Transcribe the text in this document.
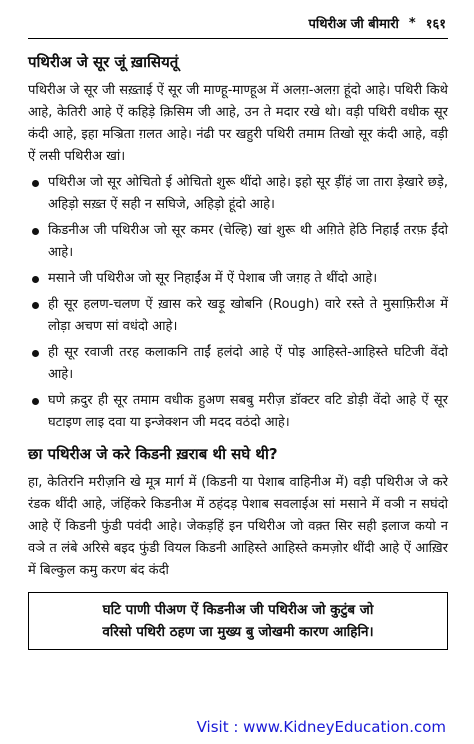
पथिरीअ जी बीमारी * १६१
पथिरीअ जे सूर जूं ख़ासियतूं

पथिरीअ जे सूर जी सख़्ताई ऐं सूर जी माण्हू-माण्हूअ में अलग़-अलग़ हूंदो आहे। पथिरी किथे आहे, केतिरी आहे ऐं कहिड़े क़िसिम जी आहे, उन ते मदार रखे थो। वड़ी पथिरी वधीक सूर कंदी आहे, इहा मञ्रिता ग़लत आहे। नंढी पर खहुरी पथिरी तमाम तिखो सूर कंदी आहे, वड़ी ऐं लसी पथिरीअ खां।

पथिरीअ जो सूर ओचितो ई ओचितो शुरू थींदो आहे। इहो सूर ड़ींहं जा तारा ड़ेखारे छड़े, अहिड़ो सख़्त ऐं सही न सघिजे, अहिड़ो हूंदो आहे।
किडनीअ जी पथिरीअ जो सूर कमर (चेल्हि) खां शुरू थी अग़िते हेठि निहाईं तरफ़ ईंदो आहे।
मसाने जी पथिरीअ जो सूर निहाईंअ में ऐं पेशाब जी जग़ह ते थींदो आहे।
ही सूर हलण-चलण ऐं ख़ास करे खड़ू खोबनि (Rough) वारे रस्ते ते मुसाफ़िरीअ में लोड़ा अचण सां वधंदो आहे।
ही सूर रवाजी तरह कलाकनि ताईं हलंदो आहे ऐं पोइ आहिस्ते-आहिस्ते घटिजी वेंदो आहे।
घणे क़दुर ही सूर तमाम वधीक हुअण सबबु मरीज़ डॉक्टर वटि डोड़ी वेंदो आहे ऐं सूर घटाइण लाइ दवा या इन्जेक्शन जी मदद वठंदो आहे।
छा पथिरीअ जे करे किडनी ख़राब थी सघे थी?

हा, केतिरनि मरीज़नि खे मूत्र मार्ग में (किडनी या पेशाब वाहिनीअ में) वड़ी पथिरीअ जे करे रंडक थींदी आहे, जंहिंकरे किडनीअ में ठहंदड़ पेशाब सवलाईअ सां मसाने में वञी न सघंदो आहे ऐं किडनी फुंडी पवंदी आहे। जेकड़हिं इन पथिरीअ जो वक़्त सिर सही इलाज कयो न वञे त लंबे अरिसे बइद फुंडी वियल किडनी आहिस्ते आहिस्ते कमज़ोर थींदी आहे ऐं आख़िर में बिल्कुल कमु करण बंद कंदी

घटि पाणी पीअण ऐं किडनीअ जी पथिरीअ जो कुटुंब जो
वरिसो पथिरी ठहण जा मुख्य बु जोखमी कारण आहिनि।
Visit : www.KidneyEducation.com
